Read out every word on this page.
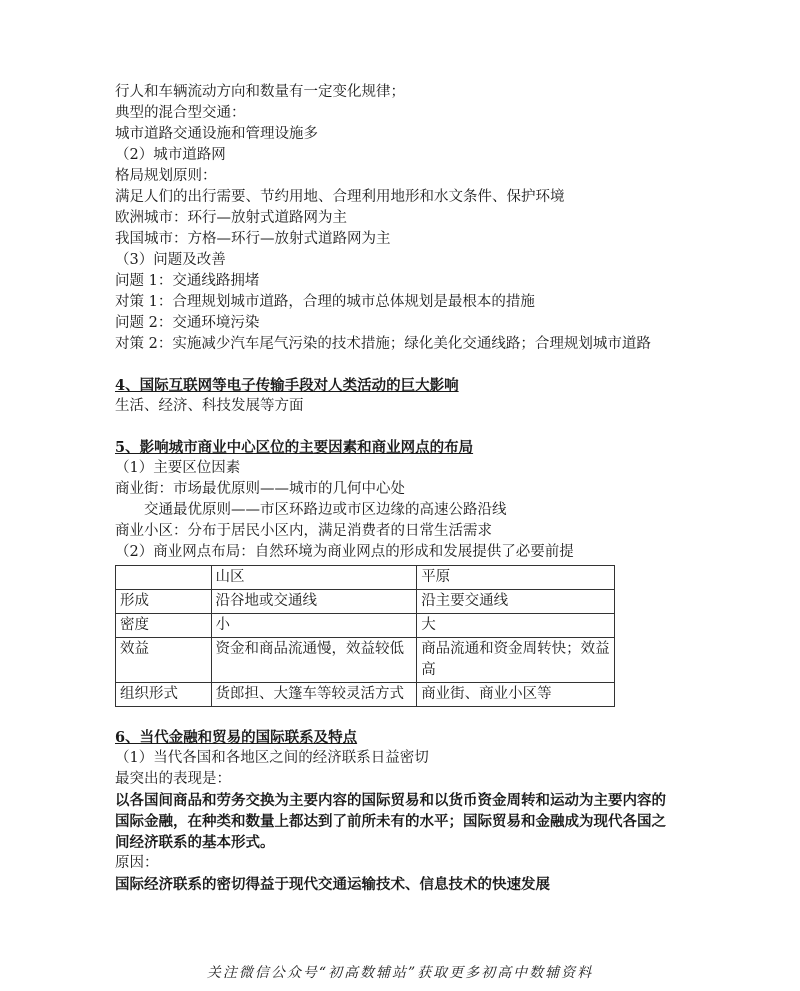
行人和车辆流动方向和数量有一定变化规律；
典型的混合型交通：
城市道路交通设施和管理设施多
（2）城市道路网
格局规划原则：
满足人们的出行需要、节约用地、合理利用地形和水文条件、保护环境
欧洲城市：环行—放射式道路网为主
我国城市：方格—环行—放射式道路网为主
（3）问题及改善
问题 1：交通线路拥堵
对策 1：合理规划城市道路，合理的城市总体规划是最根本的措施
问题 2：交通环境污染
对策 2：实施减少汽车尾气污染的技术措施；绿化美化交通线路；合理规划城市道路
4、国际互联网等电子传输手段对人类活动的巨大影响
生活、经济、科技发展等方面
5、影响城市商业中心区位的主要因素和商业网点的布局
（1）主要区位因素
商业街：市场最优原则——城市的几何中心处
交通最优原则——市区环路边或市区边缘的高速公路沿线
商业小区：分布于居民小区内，满足消费者的日常生活需求
（2）商业网点布局：自然环境为商业网点的形成和发展提供了必要前提
	山区	平原
形成	沿谷地或交通线	沿主要交通线
密度	小	大
效益	资金和商品流通慢，效益较低	商品流通和资金周转快；效益高
组织形式	货郎担、大篷车等较灵活方式	商业街、商业小区等
6、当代金融和贸易的国际联系及特点
（1）当代各国和各地区之间的经济联系日益密切
最突出的表现是：
以各国间商品和劳务交换为主要内容的国际贸易和以货币资金周转和运动为主要内容的国际金融，在种类和数量上都达到了前所未有的水平；国际贸易和金融成为现代各国之间经济联系的基本形式。
原因：
国际经济联系的密切得益于现代交通运输技术、信息技术的快速发展
关注微信公众号“初高数辅站”获取更多初高中数辅资料
